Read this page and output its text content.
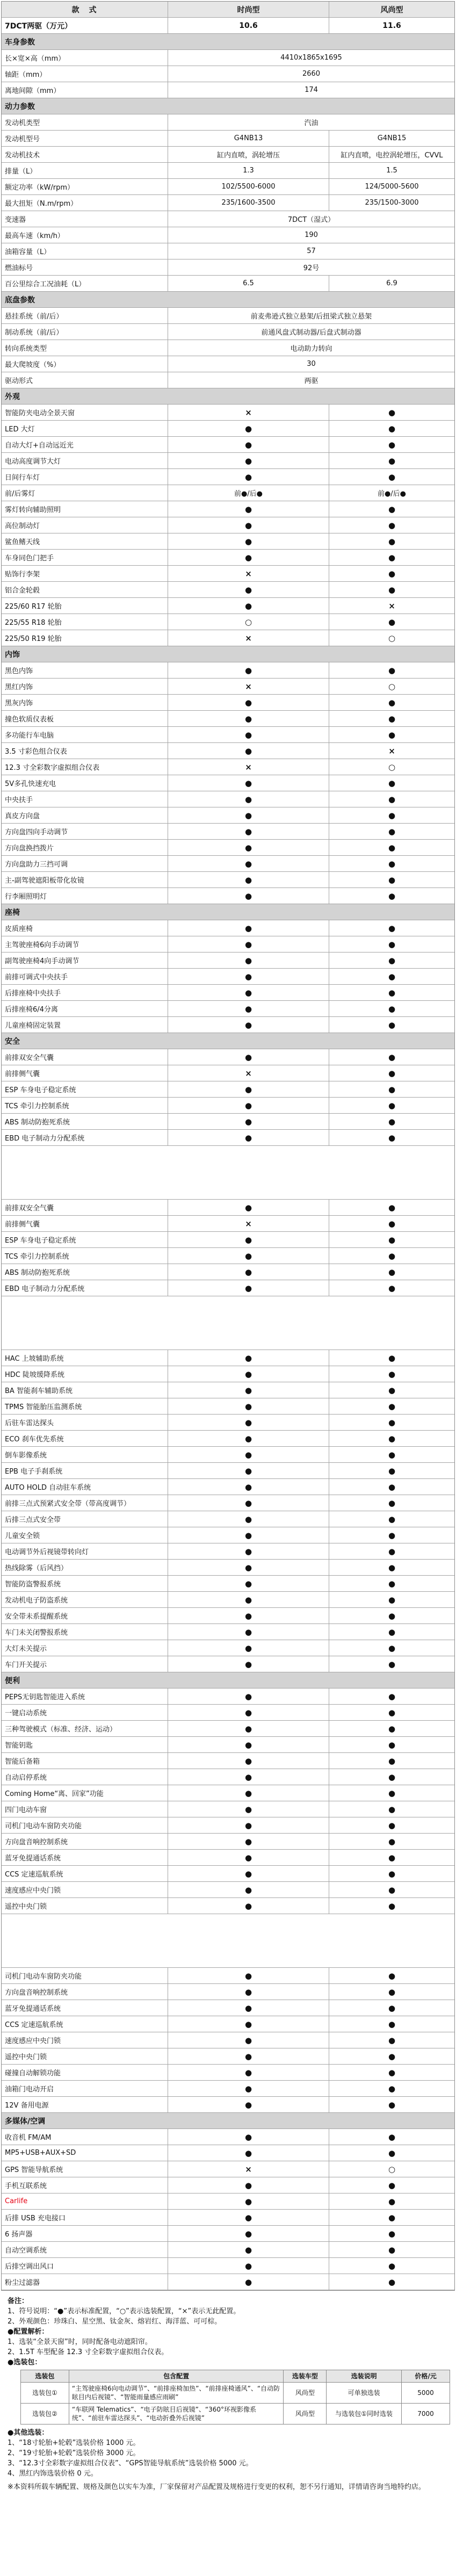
款　式	时尚型	风尚型
7DCT两驱（万元）	10.6	11.6
车身参数
长×宽×高（mm）	4410x1865x1695
轴距（mm）	2660
离地间隙（mm）	174
动力参数
发动机类型	汽油
发动机型号	G4NB13	G4NB15
发动机技术	缸内直喷，涡轮增压	缸内直喷，电控涡轮增压，CVVL
排量（L）	1.3	1.5
额定功率（kW/rpm）	102/5500-6000	124/5000-5600
最大扭矩（N.m/rpm）	235/1600-3500	235/1500-3000
变速器	7DCT（湿式）
最高车速（km/h）	190
油箱容量（L）	57
燃油标号	92号
百公里综合工况油耗（L）	6.5	6.9
底盘参数
悬挂系统（前/后）	前麦弗逊式独立悬架/后扭梁式独立悬架
制动系统（前/后）	前通风盘式制动器/后盘式制动器
转向系统类型	电动助力转向
最大爬坡度（%）	30
驱动形式	两驱
外观
智能防夹电动全景天窗	×	●
LED 大灯	●	●
自动大灯+自动远近光	●	●
电动高度调节大灯	●	●
日间行车灯	●	●
前/后雾灯	前●/后●	前●/后●
雾灯转向辅助照明	●	●
高位制动灯	●	●
鲨鱼鳍天线	●	●
车身同色门把手	●	●
贴饰行李架	×	●
铝合金轮毂	●	●
225/60 R17 轮胎	●	×
225/55 R18 轮胎	○	●
225/50 R19 轮胎	×	○
内饰
黑色内饰	●	●
黑红内饰	×	○
黑灰内饰	●	●
撞色软质仪表板	●	●
多功能行车电脑	●	●
3.5 寸彩色组合仪表	●	×
12.3 寸全彩数字虚拟组合仪表	×	○
5V多孔快速充电	●	●
中央扶手	●	●
真皮方向盘	●	●
方向盘四向手动调节	●	●
方向盘换挡拨片	●	●
方向盘助力三挡可调	●	●
主-副驾驶遮阳板带化妆镜	●	●
行李厢照明灯	●	●
座椅
皮质座椅	●	●
主驾驶座椅6向手动调节	●	●
副驾驶座椅4向手动调节	●	●
前排可调式中央扶手	●	●
后排座椅中央扶手	●	●
后排座椅6/4分离	●	●
儿童座椅固定装置	●	●
安全
前排双安全气囊	●	●
前排侧气囊	×	●
ESP 车身电子稳定系统	●	●
TCS 牵引力控制系统	●	●
ABS 制动防抱死系统	●	●
EBD 电子制动力分配系统	●	●
前排双安全气囊	●	●
前排侧气囊	×	●
ESP 车身电子稳定系统	●	●
TCS 牵引力控制系统	●	●
ABS 制动防抱死系统	●	●
EBD 电子制动力分配系统	●	●
HAC 上坡辅助系统	●	●
HDC 陡坡缓降系统	●	●
BA 智能刹车辅助系统	●	●
TPMS 智能胎压监测系统	●	●
后驻车雷达探头	●	●
ECO 刹车优先系统	●	●
倒车影像系统	●	●
EPB 电子手刹系统	●	●
AUTO HOLD 自动驻车系统	●	●
前排三点式预紧式安全带（带高度调节）	●	●
后排三点式安全带	●	●
儿童安全锁	●	●
电动调节外后视镜带转向灯	●	●
热线除雾（后风挡）	●	●
智能防盗警报系统	●	●
发动机电子防盗系统	●	●
安全带未系提醒系统	●	●
车门未关闭警报系统	●	●
大灯未关提示	●	●
车门开关提示	●	●
便利
PEPS无钥匙智能进入系统	●	●
一键启动系统	●	●
三种驾驶模式（标准、经济、运动）	●	●
智能钥匙	●	●
智能后备箱	●	●
自动启停系统	●	●
Coming Home“离、回家”功能	●	●
四门电动车窗	●	●
司机门电动车窗防夹功能	●	●
方向盘音响控制系统	●	●
蓝牙免提通话系统	●	●
CCS 定速巡航系统	●	●
速度感应中央门锁	●	●
遥控中央门锁	●	●
司机门电动车窗防夹功能	●	●
方向盘音响控制系统	●	●
蓝牙免提通话系统	●	●
CCS 定速巡航系统	●	●
速度感应中央门锁	●	●
遥控中央门锁	●	●
碰撞自动解锁功能	●	●
油箱门电动开启	●	●
12V 备用电源	●	●
多媒体/空调
收音机 FM/AM	●	●
MP5+USB+AUX+SD	●	●
GPS 智能导航系统	×	○
手机互联系统	●	●
Carlife	●	●
后排 USB 充电接口	●	●
6 扬声器	●	●
自动空调系统	●	●
后排空调出风口	●	●
粉尘过滤器	●	●
备注：
1、符号说明：“●”表示标准配置，“○”表示选装配置，“×”表示无此配置。
2、外观颜色：珍珠白、星空黑、钛金灰、熔岩红、海洋蓝、可可棕。
●配置解析：
1、选装“全景天窗”时，同时配备电动遮阳帘。
2、1.5T 车型配备 12.3 寸全彩数字虚拟组合仪表。
●选装包：
选装包	包含配置	选装车型	选装说明	价格/元
选装包①	“主驾驶座椅6向电动调节”、“前排座椅加热”、“前排座椅通风”、“自动防眩目内后视镜”、“智能雨量感应雨刷”	风尚型	可单独选装	5000
选装包②	“车联网 Telematics”、“电子防眩目后视镜”、“360°环视影像系统”、“前驻车雷达探头”、“电动折叠外后视镜”	风尚型	与选装包①同时选装	7000
●其他选装：
1、“18寸轮胎+轮毂”选装价格 1000 元。
2、“19寸轮胎+轮毂”选装价格 3000 元。
3、“12.3寸全彩数字虚拟组合仪表”、“GPS智能导航系统”选装价格 5000 元。
4、黑红内饰选装价格 0 元。
※本资料所载车辆配置、规格及颜色以实车为准，厂家保留对产品配置及规格进行变更的权利，恕不另行通知，详情请咨询当地特约店。
